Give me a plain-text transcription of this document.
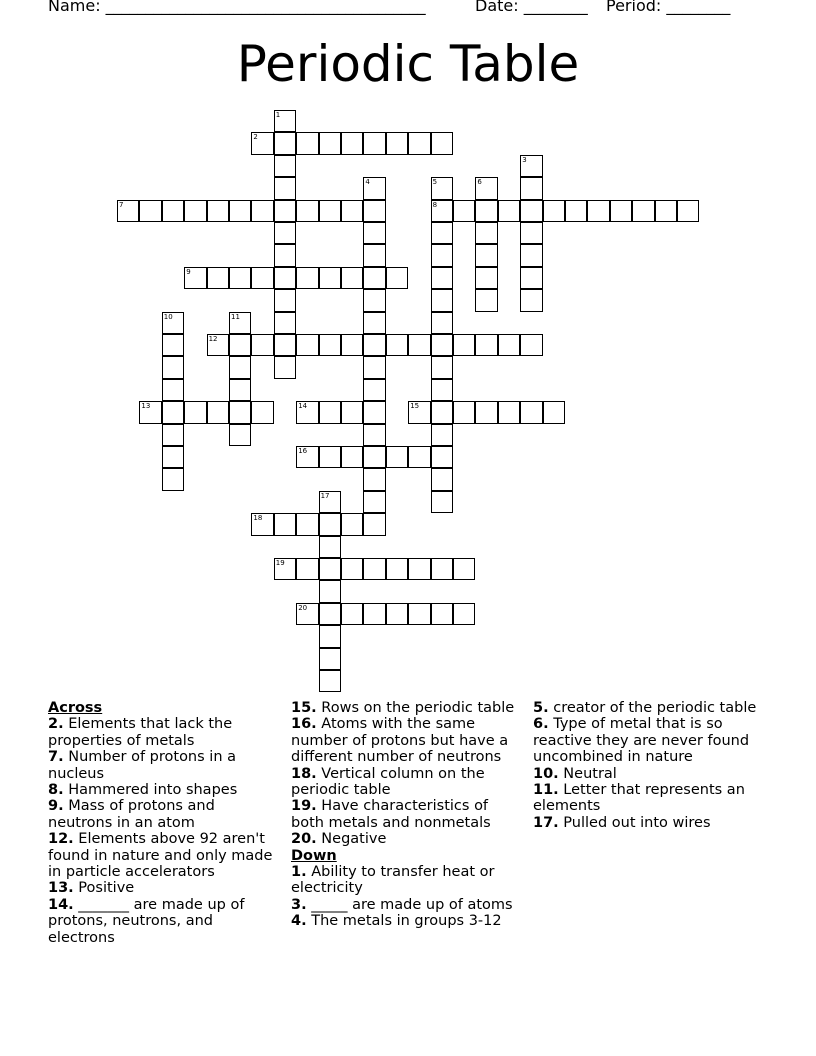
Name: ________________________________________	Date: ________ Period: ________
Periodic Table
1
2
3
4	5
8
6
7
9
10	11
12
13	14	15
16
17
18
19
20
Across
2. Elements that lack the properties of metals
7. Number of protons in a nucleus
8. Hammered into shapes
9. Mass of protons and neutrons in an atom
12. Elements above 92 aren't found in nature and only made in particle accelerators
13. Positive
14. _______ are made up of protons, neutrons, and electrons
15. Rows on the periodic table
16. Atoms with the same number of protons but have a different number of neutrons
18. Vertical column on the periodic table
19. Have characteristics of both metals and nonmetals
20. Negative
Down
1. Ability to transfer heat or electricity
3. _____ are made up of atoms
4. The metals in groups 3-12
5. creator of the periodic table
6. Type of metal that is so reactive they are never found uncombined in nature
10. Neutral
11. Letter that represents an elements
17. Pulled out into wires
